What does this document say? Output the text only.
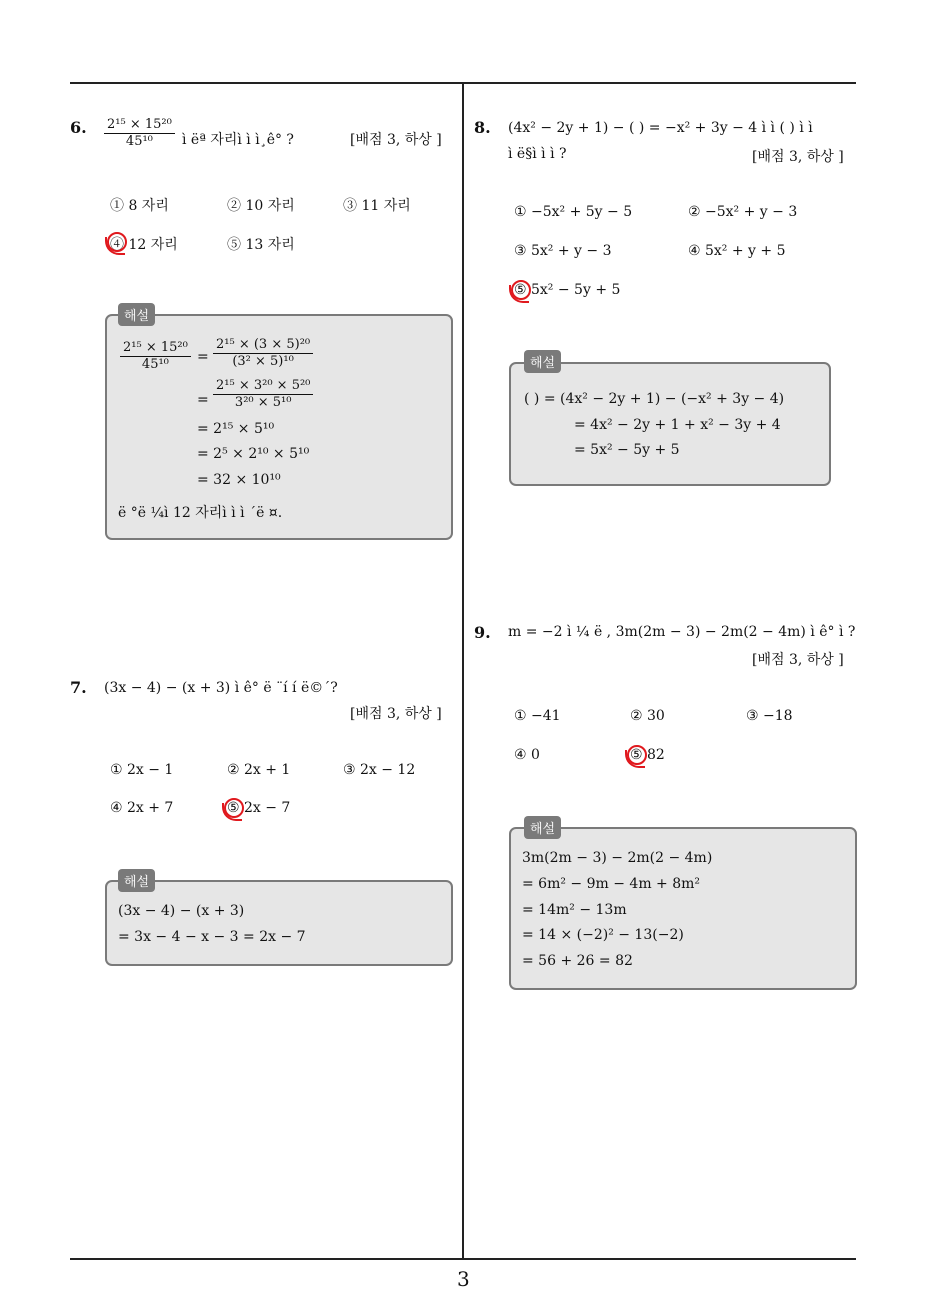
6. $\frac{\text{2¹⁵ × 15²⁰}}{\text{45¹⁰}}$ ì ëª 자리ì ì ì¸ê° ?	[배점 3, 하상 ]
① 8 자리	② 10 자리	③ 11 자리
④ 12 자리	⑤ 13 자리
해설
$\frac{\text{2¹⁵ × 15²⁰}}{\text{45¹⁰}} = \frac{\text{2¹⁵ × (3 × 5)²⁰}}{\text{(3² × 5)¹⁰}}$
= $\frac{\text{2¹⁵ × 3²⁰ × 5²⁰}}{\text{3²⁰ × 5¹⁰}}$
= 2¹⁵ × 5¹⁰
= 2⁵ × 2¹⁰ × 5¹⁰
= 32 × 10¹⁰
ë °ë ¼ì 12 자리ì ì ì ´ë ¤.
7. (3x − 4) − (x + 3) ì ê° ë ¨í í ë©´?
[배점 3, 하상 ]
① 2x − 1	② 2x + 1	③ 2x − 12
④ 2x + 7	⑤ 2x − 7
해설
(3x − 4) − (x + 3)
= 3x − 4 − x − 3 = 2x − 7
8. (4x² − 2y + 1) − ( ) = −x² + 3y − 4 ì ì ( ) ì ì
ì ë§ì ì ì ?	[배점 3, 하상 ]
① −5x² + 5y − 5	② −5x² + y − 3
③ 5x² + y − 3	④ 5x² + y + 5
⑤ 5x² − 5y + 5
해설
( ) = (4x² − 2y + 1) − (−x² + 3y − 4)
= 4x² − 2y + 1 + x² − 3y + 4
= 5x² − 5y + 5
9. m = −2 ì ¼ ë , 3m(2m − 3) − 2m(2 − 4m) ì ê° ì ?
[배점 3, 하상 ]
① −41	② 30	③ −18
④ 0	⑤ 82
해설
3m(2m − 3) − 2m(2 − 4m)
= 6m² − 9m − 4m + 8m²
= 14m² − 13m
= 14 × (−2)² − 13(−2)
= 56 + 26 = 82
3
